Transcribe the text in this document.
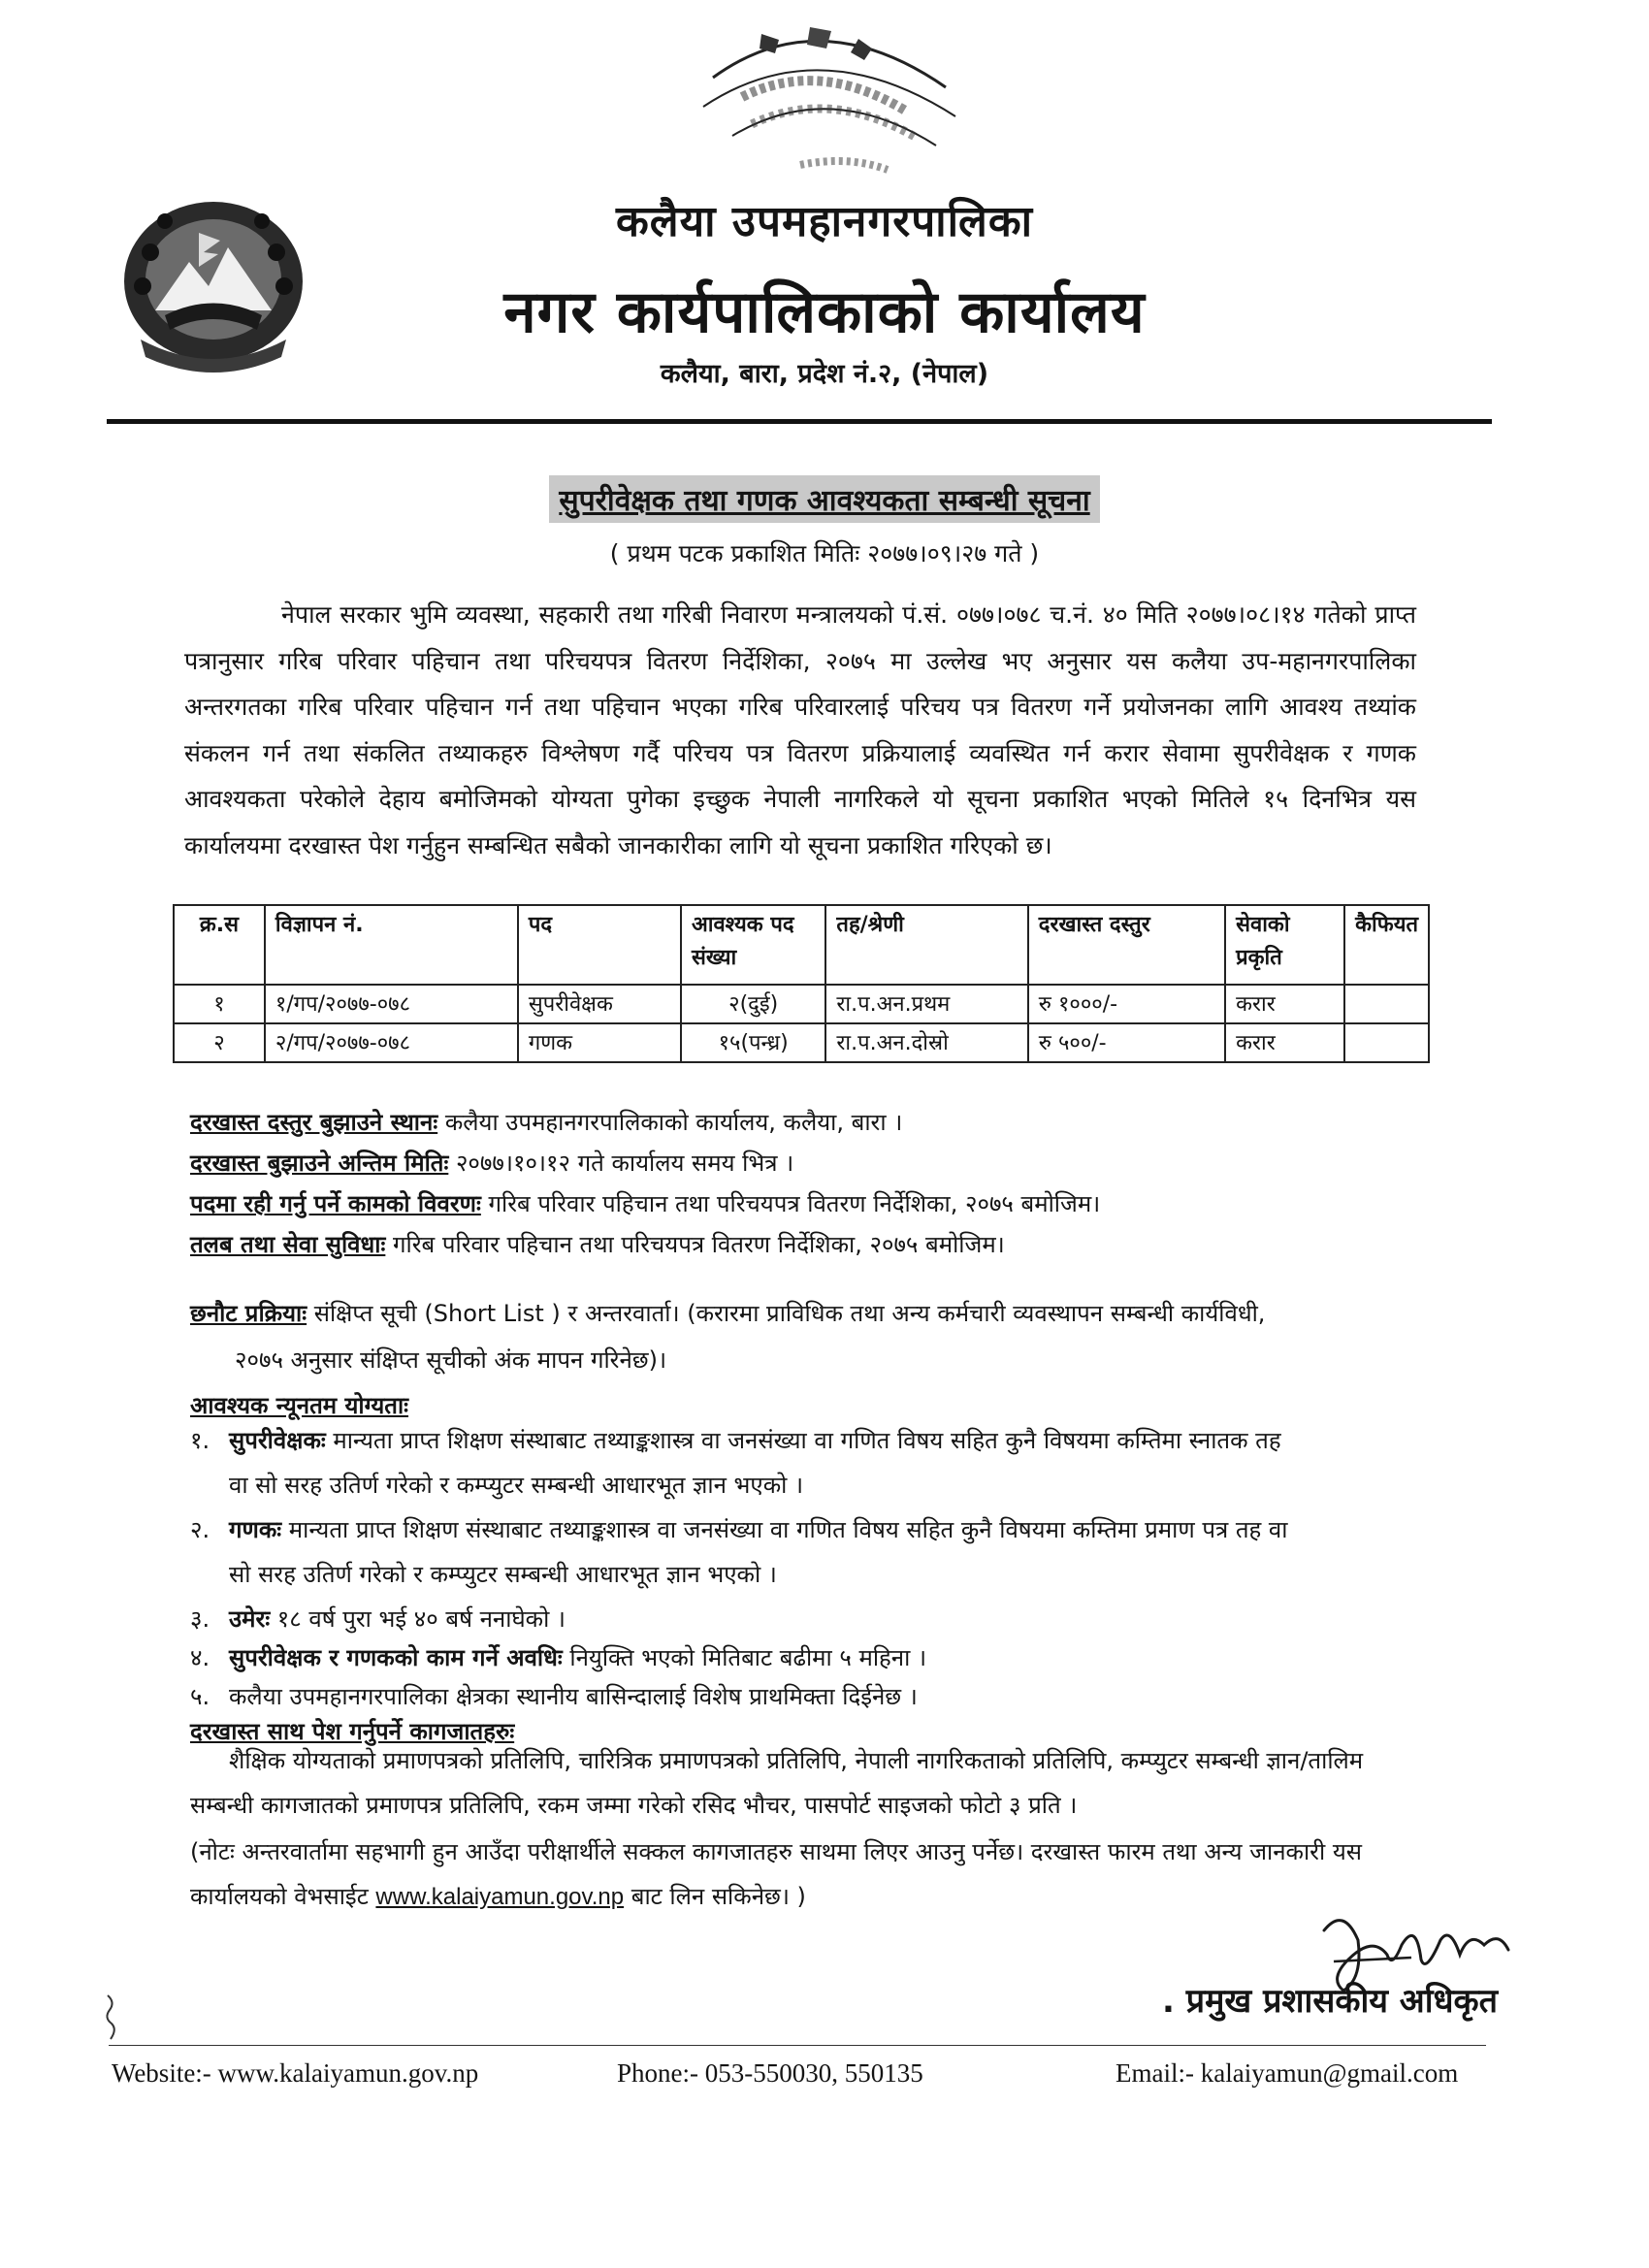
कलैया उपमहानगरपालिका
नगर कार्यपालिकाको कार्यालय
कलैया, बारा, प्रदेश नं.२, (नेपाल)
सुपरीवेक्षक तथा गणक आवश्यकता सम्बन्धी सूचना
( प्रथम पटक प्रकाशित मितिः २०७७।०९।२७ गते )

नेपाल सरकार भुमि व्यवस्था, सहकारी तथा गरिबी निवारण मन्त्रालयको पं.सं. ०७७।०७८ च.नं. ४० मिति २०७७।०८।१४ गतेको प्राप्त पत्रानुसार गरिब परिवार पहिचान तथा परिचयपत्र वितरण निर्देशिका, २०७५ मा उल्लेख भए अनुसार यस कलैया उप-महानगरपालिका अन्तरगतका गरिब परिवार पहिचान गर्न तथा पहिचान भएका गरिब परिवारलाई परिचय पत्र वितरण गर्ने प्रयोजनका लागि आवश्य तथ्यांक संकलन गर्न तथा संकलित तथ्याकहरु विश्लेषण गर्दै परिचय पत्र वितरण प्रक्रियालाई व्यवस्थित गर्न करार सेवामा सुपरीवेक्षक र गणक आवश्यकता परेकोले देहाय बमोजिमको योग्यता पुगेका इच्छुक नेपाली नागरिकले यो सूचना प्रकाशित भएको मितिले १५ दिनभित्र यस कार्यालयमा दरखास्त पेश गर्नुहुन सम्बन्धित सबैको जानकारीका लागि यो सूचना प्रकाशित गरिएको छ।

क्र.स	विज्ञापन नं.	पद	आवश्यक पद संख्या	तह/श्रेणी	दरखास्त दस्तुर	सेवाको प्रकृति	कैफियत
१	१/गप/२०७७-०७८	सुपरीवेक्षक	२(दुई)	रा.प.अन.प्रथम	रु १०००/-	करार	
२	२/गप/२०७७-०७८	गणक	१५(पन्ध्र)	रा.प.अन.दोस्रो	रु ५००/-	करार	
दरखास्त दस्तुर बुझाउने स्थानः कलैया उपमहानगरपालिकाको कार्यालय, कलैया, बारा ।
दरखास्त बुझाउने अन्तिम मितिः २०७७।१०।१२ गते कार्यालय समय भित्र ।
पदमा रही गर्नु पर्ने कामको विवरणः गरिब परिवार पहिचान तथा परिचयपत्र वितरण निर्देशिका, २०७५ बमोजिम।
तलब तथा सेवा सुविधाः गरिब परिवार पहिचान तथा परिचयपत्र वितरण निर्देशिका, २०७५ बमोजिम।

छनौट प्रक्रियाः संक्षिप्त सूची (Short List ) र अन्तरवार्ता। (करारमा प्राविधिक तथा अन्य कर्मचारी व्यवस्थापन सम्बन्धी कार्यविधी,
२०७५ अनुसार संक्षिप्त सूचीको अंक मापन गरिनेछ)।

आवश्यक न्यूनतम योग्यताः

१. सुपरीवेक्षकः मान्यता प्राप्त शिक्षण संस्थाबाट तथ्याङ्कशास्त्र वा जनसंख्या वा गणित विषय सहित कुनै विषयमा कम्तिमा स्नातक तह
वा सो सरह उतिर्ण गरेको र कम्प्युटर सम्बन्धी आधारभूत ज्ञान भएको ।

२. गणकः मान्यता प्राप्त शिक्षण संस्थाबाट तथ्याङ्कशास्त्र वा जनसंख्या वा गणित विषय सहित कुनै विषयमा कम्तिमा प्रमाण पत्र तह वा
सो सरह उतिर्ण गरेको र कम्प्युटर सम्बन्धी आधारभूत ज्ञान भएको ।

३. उमेरः १८ वर्ष पुरा भई ४० बर्ष ननाघेको ।

४. सुपरीवेक्षक र गणकको काम गर्ने अवधिः नियुक्ति भएको मितिबाट बढीमा ५ महिना ।

५. कलैया उपमहानगरपालिका क्षेत्रका स्थानीय बासिन्दालाई विशेष प्राथमिक्ता दिईनेछ ।

दरखास्त साथ पेश गर्नुपर्ने कागजातहरुः

शैक्षिक योग्यताको प्रमाणपत्रको प्रतिलिपि, चारित्रिक प्रमाणपत्रको प्रतिलिपि, नेपाली नागरिकताको प्रतिलिपि, कम्प्युटर सम्बन्धी ज्ञान/तालिम सम्बन्धी कागजातको प्रमाणपत्र प्रतिलिपि, रकम जम्मा गरेको रसिद भौचर, पासपोर्ट साइजको फोटो ३ प्रति ।

(नोटः अन्तरवार्तामा सहभागी हुन आउँदा परीक्षार्थीले सक्कल कागजातहरु साथमा लिएर आउनु पर्नेछ। दरखास्त फारम तथा अन्य जानकारी यस कार्यालयको वेभसाईट www.kalaiyamun.gov.np बाट लिन सकिनेछ। )

. प्रमुख प्रशासकीय अधिकृत
Website:- www.kalaiyamun.gov.np	Phone:- 053-550030, 550135	Email:- kalaiyamun@gmail.com
